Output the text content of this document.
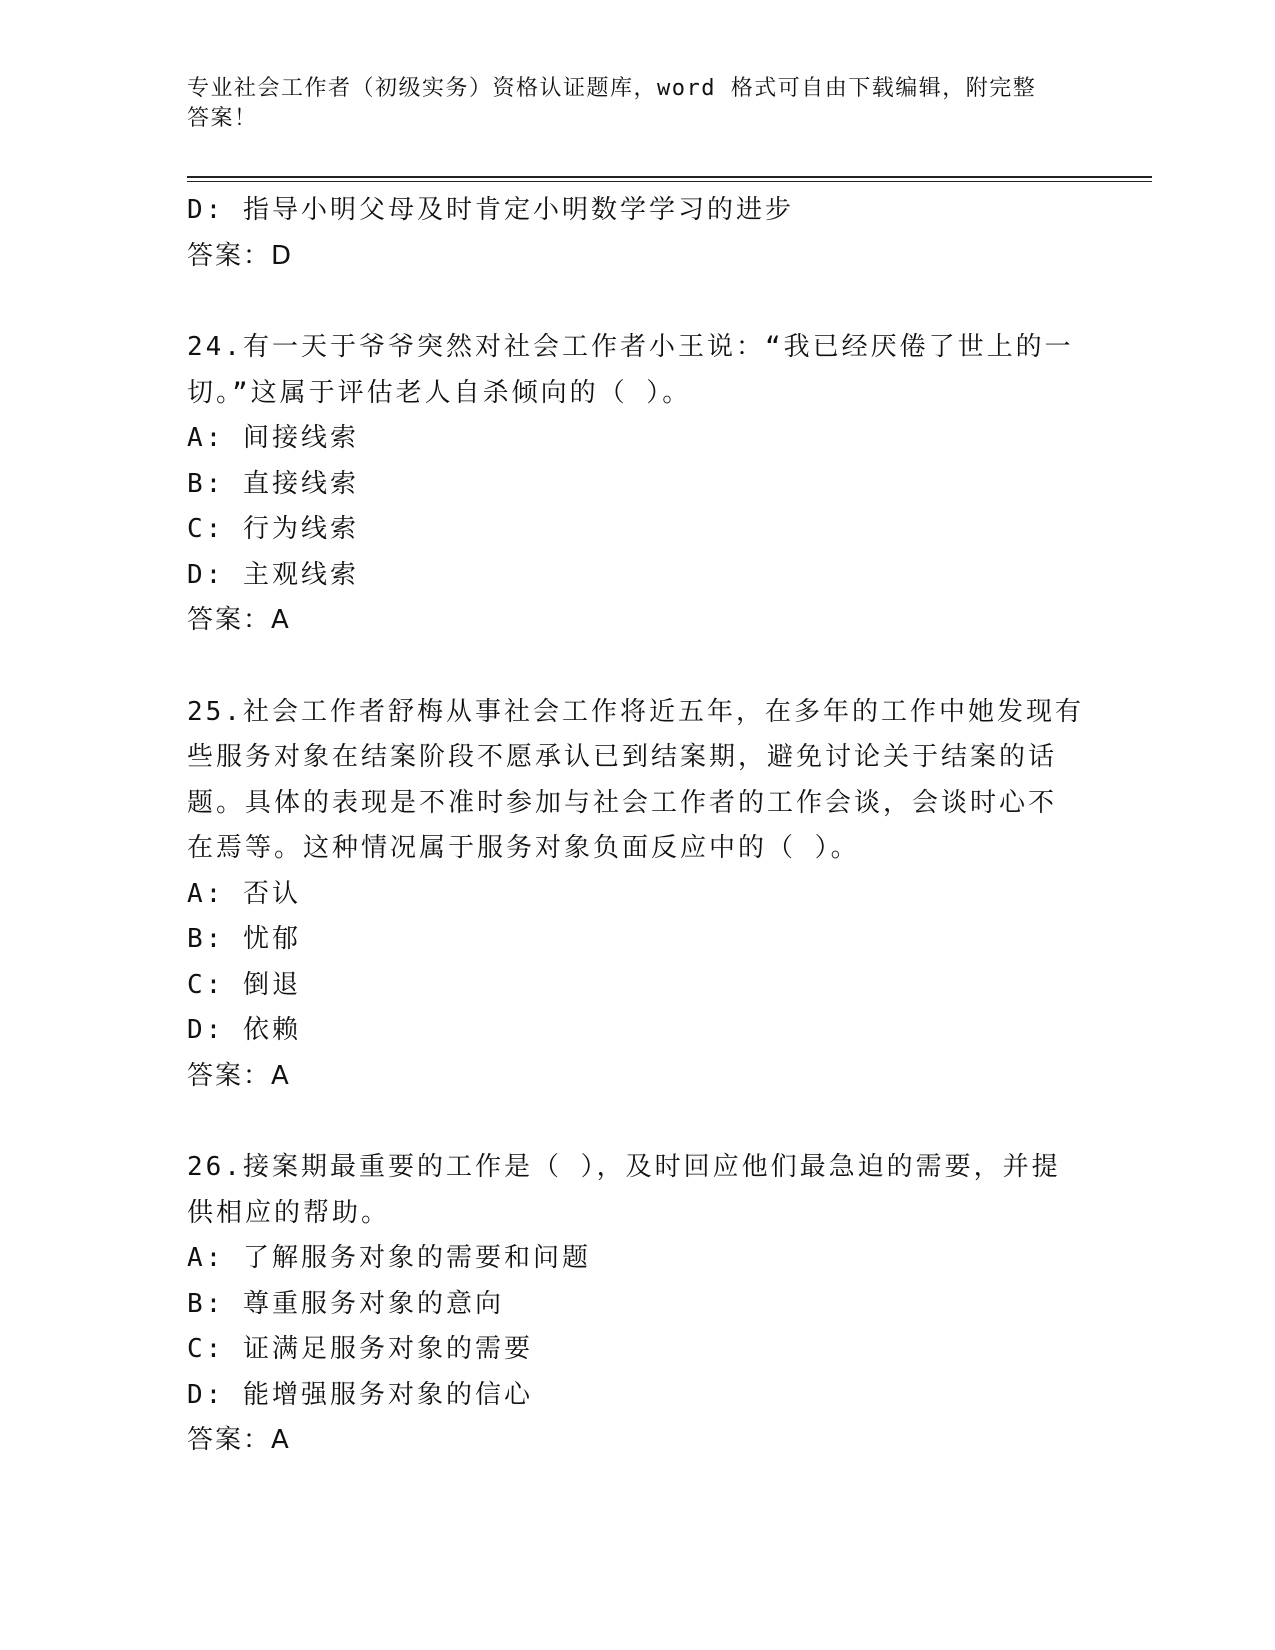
专业社会工作者（初级实务）资格认证题库，word 格式可自由下载编辑，附完整
答案！
D: 指导小明父母及时肯定小明数学学习的进步
答案：D
24.有一天于爷爷突然对社会工作者小王说：“我已经厌倦了世上的一
切。”这属于评估老人自杀倾向的（ ）。
A: 间接线索
B: 直接线索
C: 行为线索
D: 主观线索
答案：A
25.社会工作者舒梅从事社会工作将近五年，在多年的工作中她发现有
些服务对象在结案阶段不愿承认已到结案期，避免讨论关于结案的话
题。具体的表现是不准时参加与社会工作者的工作会谈，会谈时心不
在焉等。这种情况属于服务对象负面反应中的（ ）。
A: 否认
B: 忧郁
C: 倒退
D: 依赖
答案：A
26.接案期最重要的工作是（ ），及时回应他们最急迫的需要，并提
供相应的帮助。
A: 了解服务对象的需要和问题
B: 尊重服务对象的意向
C: 证满足服务对象的需要
D: 能增强服务对象的信心
答案：A
